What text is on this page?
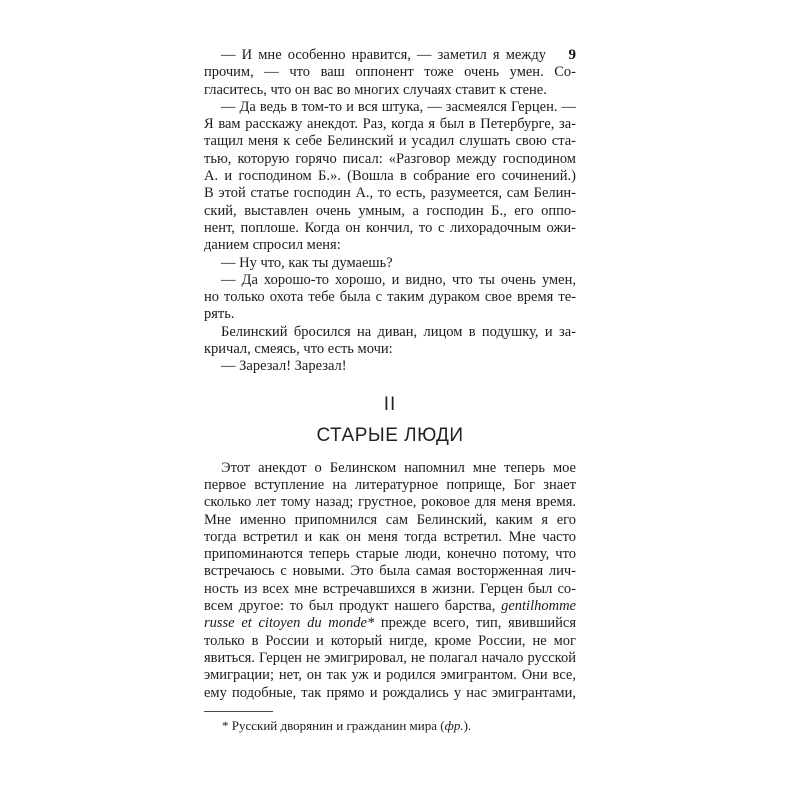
9
— И мне особенно нравится, — заметил я между
прочим, — что ваш оппонент тоже очень умен. Со-
гласитесь, что он вас во многих случаях ставит к стене.
— Да ведь в том-то и вся штука, — засмеялся Герцен. —
Я вам расскажу анекдот. Раз, когда я был в Петербурге, за-
тащил меня к себе Белинский и усадил слушать свою ста-
тью, которую горячо писал: «Разговор между господином
А. и господином Б.». (Вошла в собрание его сочинений.)
В этой статье господин А., то есть, разумеется, сам Белин-
ский, выставлен очень умным, а господин Б., его оппо-
нент, поплоше. Когда он кончил, то с лихорадочным ожи-
данием спросил меня:
— Ну что, как ты думаешь?
— Да хорошо-то хорошо, и видно, что ты очень умен,
но только охота тебе была с таким дураком свое время те-
рять.
Белинский бросился на диван, лицом в подушку, и за-
кричал, смеясь, что есть мочи:
— Зарезал! Зарезал!
II
СТАРЫЕ ЛЮДИ
Этот анекдот о Белинском напомнил мне теперь мое
первое вступление на литературное поприще, Бог знает
сколько лет тому назад; грустное, роковое для меня время.
Мне именно припомнился сам Белинский, каким я его
тогда встретил и как он меня тогда встретил. Мне часто
припоминаются теперь старые люди, конечно потому, что
встречаюсь с новыми. Это была самая восторженная лич-
ность из всех мне встречавшихся в жизни. Герцен был со-
всем другое: то был продукт нашего барства, gentilhomme
russe et citoyen du monde* прежде всего, тип, явившийся
только в России и который нигде, кроме России, не мог
явиться. Герцен не эмигрировал, не полагал начало русской
эмиграции; нет, он так уж и родился эмигрантом. Они все,
ему подобные, так прямо и рождались у нас эмигрантами,
* Русский дворянин и гражданин мира (фр.).
